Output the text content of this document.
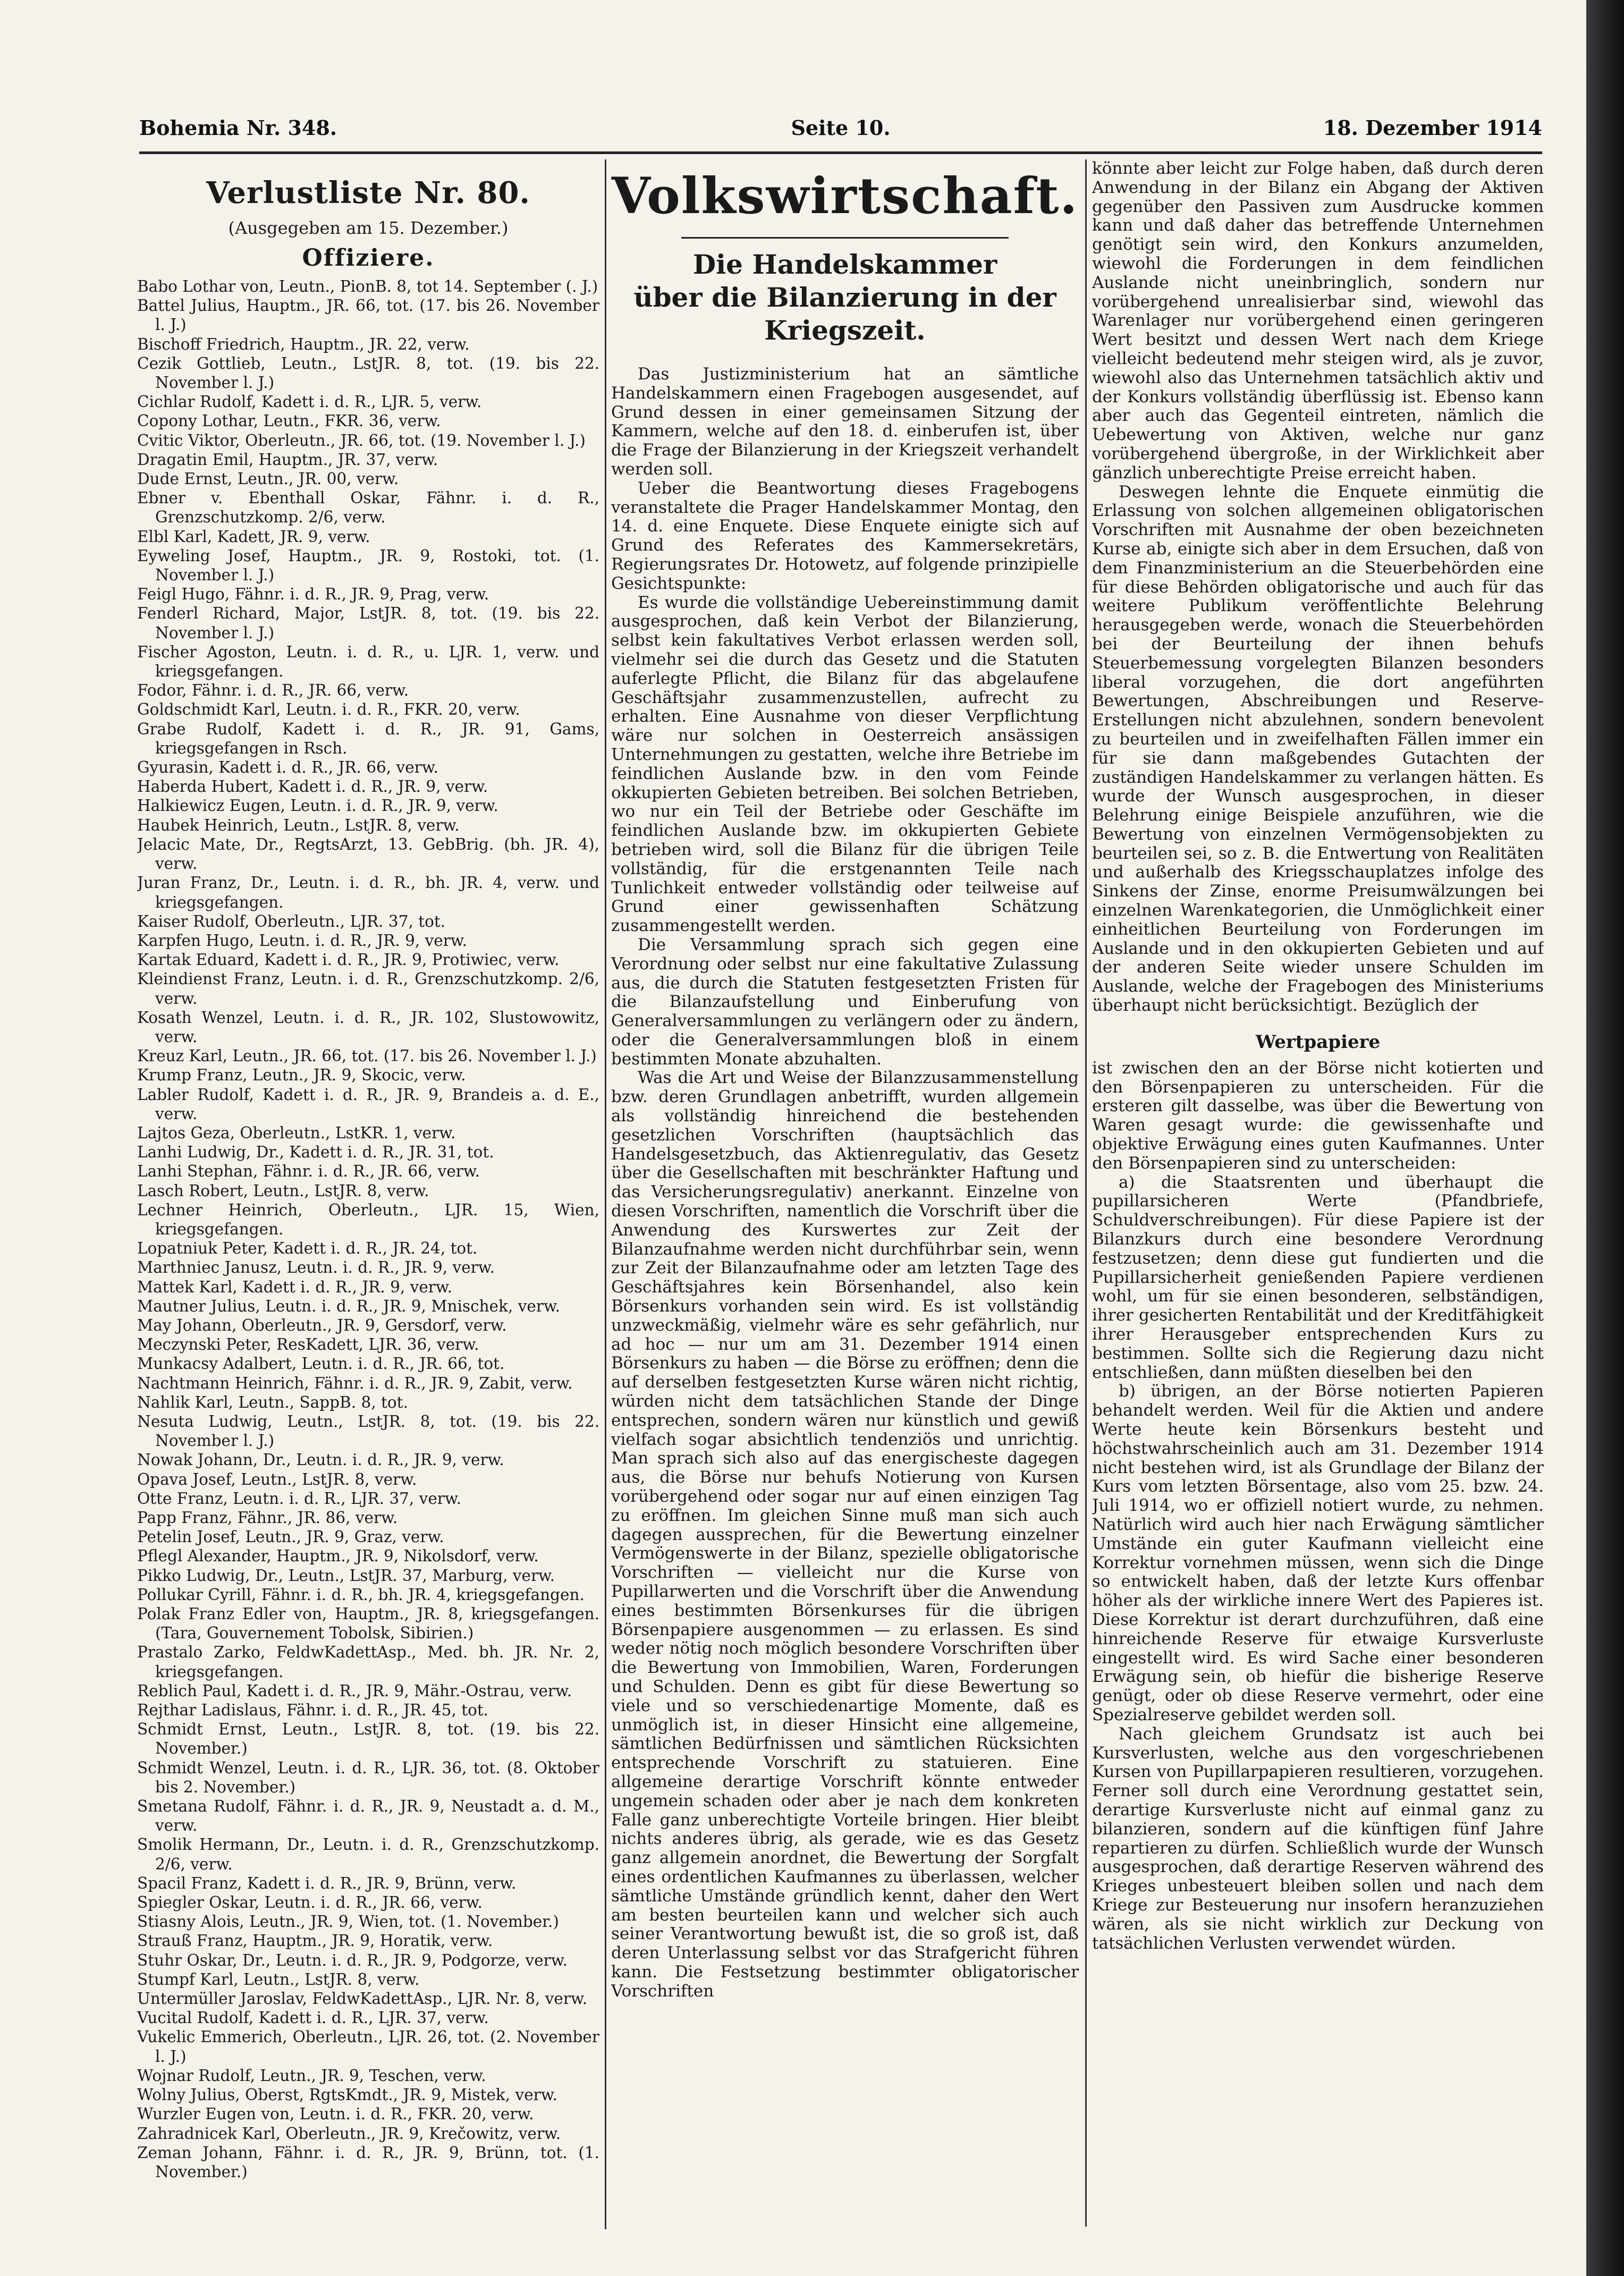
Bohemia Nr. 348.	Seite 10.	18. Dezember 1914
Verlustliste Nr. 80.
(Ausgegeben am 15. Dezember.)
Offiziere.

Babo Lothar von, Leutn., PionB. 8, tot 14. September (. J.)

Battel Julius, Hauptm., JR. 66, tot. (17. bis 26. November l. J.)

Bischoff Friedrich, Hauptm., JR. 22, verw.

Cezik Gottlieb, Leutn., LstJR. 8, tot. (19. bis 22. November l. J.)

Cichlar Rudolf, Kadett i. d. R., LJR. 5, verw.

Copony Lothar, Leutn., FKR. 36, verw.

Cvitic Viktor, Oberleutn., JR. 66, tot. (19. November l. J.)

Dragatin Emil, Hauptm., JR. 37, verw.

Dude Ernst, Leutn., JR. 00, verw.

Ebner v. Ebenthall Oskar, Fähnr. i. d. R., Grenzschutzkomp. 2/6, verw.

Elbl Karl, Kadett, JR. 9, verw.

Eyweling Josef, Hauptm., JR. 9, Rostoki, tot. (1. November l. J.)

Feigl Hugo, Fähnr. i. d. R., JR. 9, Prag, verw.

Fenderl Richard, Major, LstJR. 8, tot. (19. bis 22. November l. J.)

Fischer Agoston, Leutn. i. d. R., u. LJR. 1, verw. und kriegsgefangen.

Fodor, Fähnr. i. d. R., JR. 66, verw.

Goldschmidt Karl, Leutn. i. d. R., FKR. 20, verw.

Grabe Rudolf, Kadett i. d. R., JR. 91, Gams, kriegsgefangen in Rsch.

Gyurasin, Kadett i. d. R., JR. 66, verw.

Haberda Hubert, Kadett i. d. R., JR. 9, verw.

Halkiewicz Eugen, Leutn. i. d. R., JR. 9, verw.

Haubek Heinrich, Leutn., LstJR. 8, verw.

Jelacic Mate, Dr., RegtsArzt, 13. GebBrig. (bh. JR. 4), verw.

Juran Franz, Dr., Leutn. i. d. R., bh. JR. 4, verw. und kriegsgefangen.

Kaiser Rudolf, Oberleutn., LJR. 37, tot.

Karpfen Hugo, Leutn. i. d. R., JR. 9, verw.

Kartak Eduard, Kadett i. d. R., JR. 9, Protiwiec, verw.

Kleindienst Franz, Leutn. i. d. R., Grenzschutzkomp. 2/6, verw.

Kosath Wenzel, Leutn. i. d. R., JR. 102, Slustowowitz, verw.

Kreuz Karl, Leutn., JR. 66, tot. (17. bis 26. November l. J.)

Krump Franz, Leutn., JR. 9, Skocic, verw.

Labler Rudolf, Kadett i. d. R., JR. 9, Brandeis a. d. E., verw.

Lajtos Geza, Oberleutn., LstKR. 1, verw.

Lanhi Ludwig, Dr., Kadett i. d. R., JR. 31, tot.

Lanhi Stephan, Fähnr. i. d. R., JR. 66, verw.

Lasch Robert, Leutn., LstJR. 8, verw.

Lechner Heinrich, Oberleutn., LJR. 15, Wien, kriegsgefangen.

Lopatniuk Peter, Kadett i. d. R., JR. 24, tot.

Marthniec Janusz, Leutn. i. d. R., JR. 9, verw.

Mattek Karl, Kadett i. d. R., JR. 9, verw.

Mautner Julius, Leutn. i. d. R., JR. 9, Mnischek, verw.

May Johann, Oberleutn., JR. 9, Gersdorf, verw.

Meczynski Peter, ResKadett, LJR. 36, verw.

Munkacsy Adalbert, Leutn. i. d. R., JR. 66, tot.

Nachtmann Heinrich, Fähnr. i. d. R., JR. 9, Zabit, verw.

Nahlik Karl, Leutn., SappB. 8, tot.

Nesuta Ludwig, Leutn., LstJR. 8, tot. (19. bis 22. November l. J.)

Nowak Johann, Dr., Leutn. i. d. R., JR. 9, verw.

Opava Josef, Leutn., LstJR. 8, verw.

Otte Franz, Leutn. i. d. R., LJR. 37, verw.

Papp Franz, Fähnr., JR. 86, verw.

Petelin Josef, Leutn., JR. 9, Graz, verw.

Pflegl Alexander, Hauptm., JR. 9, Nikolsdorf, verw.

Pikko Ludwig, Dr., Leutn., LstJR. 37, Marburg, verw.

Pollukar Cyrill, Fähnr. i. d. R., bh. JR. 4, kriegsgefangen.

Polak Franz Edler von, Hauptm., JR. 8, kriegsgefangen. (Tara, Gouvernement Tobolsk, Sibirien.)

Prastalo Zarko, FeldwKadettAsp., Med. bh. JR. Nr. 2, kriegsgefangen.

Reblich Paul, Kadett i. d. R., JR. 9, Mähr.-Ostrau, verw.

Rejthar Ladislaus, Fähnr. i. d. R., JR. 45, tot.

Schmidt Ernst, Leutn., LstJR. 8, tot. (19. bis 22. November.)

Schmidt Wenzel, Leutn. i. d. R., LJR. 36, tot. (8. Oktober bis 2. November.)

Smetana Rudolf, Fähnr. i. d. R., JR. 9, Neustadt a. d. M., verw.

Smolik Hermann, Dr., Leutn. i. d. R., Grenzschutzkomp. 2/6, verw.

Spacil Franz, Kadett i. d. R., JR. 9, Brünn, verw.

Spiegler Oskar, Leutn. i. d. R., JR. 66, verw.

Stiasny Alois, Leutn., JR. 9, Wien, tot. (1. November.)

Strauß Franz, Hauptm., JR. 9, Horatik, verw.

Stuhr Oskar, Dr., Leutn. i. d. R., JR. 9, Podgorze, verw.

Stumpf Karl, Leutn., LstJR. 8, verw.

Untermüller Jaroslav, FeldwKadettAsp., LJR. Nr. 8, verw.

Vucital Rudolf, Kadett i. d. R., LJR. 37, verw.

Vukelic Emmerich, Oberleutn., LJR. 26, tot. (2. November l. J.)

Wojnar Rudolf, Leutn., JR. 9, Teschen, verw.

Wolny Julius, Oberst, RgtsKmdt., JR. 9, Mistek, verw.

Wurzler Eugen von, Leutn. i. d. R., FKR. 20, verw.

Zahradnicek Karl, Oberleutn., JR. 9, Krečowitz, verw.

Zeman Johann, Fähnr. i. d. R., JR. 9, Brünn, tot. (1. November.)

Volkswirtschaft.
Die Handelskammer
über die Bilanzierung in der Kriegszeit.

Das Justizministerium hat an sämtliche Handelskammern einen Fragebogen ausgesendet, auf Grund dessen in einer gemeinsamen Sitzung der Kammern, welche auf den 18. d. einberufen ist, über die Frage der Bilanzierung in der Kriegszeit verhandelt werden soll.

Ueber die Beantwortung dieses Fragebogens veranstaltete die Prager Handelskammer Montag, den 14. d. eine Enquete. Diese Enquete einigte sich auf Grund des Referates des Kammersekretärs, Regierungsrates Dr. Hotowetz, auf folgende prinzipielle Gesichtspunkte:

Es wurde die vollständige Uebereinstimmung damit ausgesprochen, daß kein Verbot der Bilanzierung, selbst kein fakultatives Verbot erlassen werden soll, vielmehr sei die durch das Gesetz und die Statuten auferlegte Pflicht, die Bilanz für das abgelaufene Geschäftsjahr zusammenzustellen, aufrecht zu erhalten. Eine Ausnahme von dieser Verpflichtung wäre nur solchen in Oesterreich ansässigen Unternehmungen zu gestatten, welche ihre Betriebe im feindlichen Auslande bzw. in den vom Feinde okkupierten Gebieten betreiben. Bei solchen Betrieben, wo nur ein Teil der Betriebe oder Geschäfte im feindlichen Auslande bzw. im okkupierten Gebiete betrieben wird, soll die Bilanz für die übrigen Teile vollständig, für die erstgenannten Teile nach Tunlichkeit entweder vollständig oder teilweise auf Grund einer gewissenhaften Schätzung zusammengestellt werden.

Die Versammlung sprach sich gegen eine Verordnung oder selbst nur eine fakultative Zulassung aus, die durch die Statuten festgesetzten Fristen für die Bilanzaufstellung und Einberufung von Generalversammlungen zu verlängern oder zu ändern, oder die Generalversammlungen bloß in einem bestimmten Monate abzuhalten.

Was die Art und Weise der Bilanzzusammenstellung bzw. deren Grundlagen anbetrifft, wurden allgemein als vollständig hinreichend die bestehenden gesetzlichen Vorschriften (hauptsächlich das Handelsgesetzbuch, das Aktienregulativ, das Gesetz über die Gesellschaften mit beschränkter Haftung und das Versicherungsregulativ) anerkannt. Einzelne von diesen Vorschriften, namentlich die Vorschrift über die Anwendung des Kurswertes zur Zeit der Bilanzaufnahme werden nicht durchführbar sein, wenn zur Zeit der Bilanzaufnahme oder am letzten Tage des Geschäftsjahres kein Börsenhandel, also kein Börsenkurs vorhanden sein wird. Es ist vollständig unzweckmäßig, vielmehr wäre es sehr gefährlich, nur ad hoc — nur um am 31. Dezember 1914 einen Börsenkurs zu haben — die Börse zu eröffnen; denn die auf derselben festgesetzten Kurse wären nicht richtig, würden nicht dem tatsächlichen Stande der Dinge entsprechen, sondern wären nur künstlich und gewiß vielfach sogar absichtlich tendenziös und unrichtig. Man sprach sich also auf das energischeste dagegen aus, die Börse nur behufs Notierung von Kursen vorübergehend oder sogar nur auf einen einzigen Tag zu eröffnen. Im gleichen Sinne muß man sich auch dagegen aussprechen, für die Bewertung einzelner Vermögenswerte in der Bilanz, spezielle obligatorische Vorschriften — vielleicht nur die Kurse von Pupillarwerten und die Vorschrift über die Anwendung eines bestimmten Börsenkurses für die übrigen Börsenpapiere ausgenommen — zu erlassen. Es sind weder nötig noch möglich besondere Vorschriften über die Bewertung von Immobilien, Waren, Forderungen und Schulden. Denn es gibt für diese Bewertung so viele und so verschiedenartige Momente, daß es unmöglich ist, in dieser Hinsicht eine allgemeine, sämtlichen Bedürfnissen und sämtlichen Rücksichten entsprechende Vorschrift zu statuieren. Eine allgemeine derartige Vorschrift könnte entweder ungemein schaden oder aber je nach dem konkreten Falle ganz unberechtigte Vorteile bringen. Hier bleibt nichts anderes übrig, als gerade, wie es das Gesetz ganz allgemein anordnet, die Bewertung der Sorgfalt eines ordentlichen Kaufmannes zu überlassen, welcher sämtliche Umstände gründlich kennt, daher den Wert am besten beurteilen kann und welcher sich auch seiner Verantwortung bewußt ist, die so groß ist, daß deren Unterlassung selbst vor das Strafgericht führen kann. Die Festsetzung bestimmter obligatorischer Vorschriften

könnte aber leicht zur Folge haben, daß durch deren Anwendung in der Bilanz ein Abgang der Aktiven gegenüber den Passiven zum Ausdrucke kommen kann und daß daher das betreffende Unternehmen genötigt sein wird, den Konkurs anzumelden, wiewohl die Forderungen in dem feindlichen Auslande nicht uneinbringlich, sondern nur vorübergehend unrealisierbar sind, wiewohl das Warenlager nur vorübergehend einen geringeren Wert besitzt und dessen Wert nach dem Kriege vielleicht bedeutend mehr steigen wird, als je zuvor, wiewohl also das Unternehmen tatsächlich aktiv und der Konkurs vollständig überflüssig ist. Ebenso kann aber auch das Gegenteil eintreten, nämlich die Uebewertung von Aktiven, welche nur ganz vorübergehend übergroße, in der Wirklichkeit aber gänzlich unberechtigte Preise erreicht haben.

Deswegen lehnte die Enquete einmütig die Erlassung von solchen allgemeinen obligatorischen Vorschriften mit Ausnahme der oben bezeichneten Kurse ab, einigte sich aber in dem Ersuchen, daß von dem Finanzministerium an die Steuerbehörden eine für diese Behörden obligatorische und auch für das weitere Publikum veröffentlichte Belehrung herausgegeben werde, wonach die Steuerbehörden bei der Beurteilung der ihnen behufs Steuerbemessung vorgelegten Bilanzen besonders liberal vorzugehen, die dort angeführten Bewertungen, Abschreibungen und Reserve-Erstellungen nicht abzulehnen, sondern benevolent zu beurteilen und in zweifelhaften Fällen immer ein für sie dann maßgebendes Gutachten der zuständigen Handelskammer zu verlangen hätten. Es wurde der Wunsch ausgesprochen, in dieser Belehrung einige Beispiele anzuführen, wie die Bewertung von einzelnen Vermögensobjekten zu beurteilen sei, so z. B. die Entwertung von Realitäten und außerhalb des Kriegsschauplatzes infolge des Sinkens der Zinse, enorme Preisumwälzungen bei einzelnen Warenkategorien, die Unmöglichkeit einer einheitlichen Beurteilung von Forderungen im Auslande und in den okkupierten Gebieten und auf der anderen Seite wieder unsere Schulden im Auslande, welche der Fragebogen des Ministeriums überhaupt nicht berücksichtigt. Bezüglich der

Wertpapiere

ist zwischen den an der Börse nicht kotierten und den Börsenpapieren zu unterscheiden. Für die ersteren gilt dasselbe, was über die Bewertung von Waren gesagt wurde: die gewissenhafte und objektive Erwägung eines guten Kaufmannes. Unter den Börsenpapieren sind zu unterscheiden:

a) die Staatsrenten und überhaupt die pupillarsicheren Werte (Pfandbriefe, Schuldverschreibungen). Für diese Papiere ist der Bilanzkurs durch eine besondere Verordnung festzusetzen; denn diese gut fundierten und die Pupillarsicherheit genießenden Papiere verdienen wohl, um für sie einen besonderen, selbständigen, ihrer gesicherten Rentabilität und der Kreditfähigkeit ihrer Herausgeber entsprechenden Kurs zu bestimmen. Sollte sich die Regierung dazu nicht entschließen, dann müßten dieselben bei den

b) übrigen, an der Börse notierten Papieren behandelt werden. Weil für die Aktien und andere Werte heute kein Börsenkurs besteht und höchstwahrscheinlich auch am 31. Dezember 1914 nicht bestehen wird, ist als Grundlage der Bilanz der Kurs vom letzten Börsentage, also vom 25. bzw. 24. Juli 1914, wo er offiziell notiert wurde, zu nehmen. Natürlich wird auch hier nach Erwägung sämtlicher Umstände ein guter Kaufmann vielleicht eine Korrektur vornehmen müssen, wenn sich die Dinge so entwickelt haben, daß der letzte Kurs offenbar höher als der wirkliche innere Wert des Papieres ist. Diese Korrektur ist derart durchzuführen, daß eine hinreichende Reserve für etwaige Kursverluste eingestellt wird. Es wird Sache einer besonderen Erwägung sein, ob hiefür die bisherige Reserve genügt, oder ob diese Reserve vermehrt, oder eine Spezialreserve gebildet werden soll.

Nach gleichem Grundsatz ist auch bei Kursverlusten, welche aus den vorgeschriebenen Kursen von Pupillarpapieren resultieren, vorzugehen. Ferner soll durch eine Verordnung gestattet sein, derartige Kursverluste nicht auf einmal ganz zu bilanzieren, sondern auf die künftigen fünf Jahre repartieren zu dürfen. Schließlich wurde der Wunsch ausgesprochen, daß derartige Reserven während des Krieges unbesteuert bleiben sollen und nach dem Kriege zur Besteuerung nur insofern heranzuziehen wären, als sie nicht wirklich zur Deckung von tatsächlichen Verlusten verwendet würden.
